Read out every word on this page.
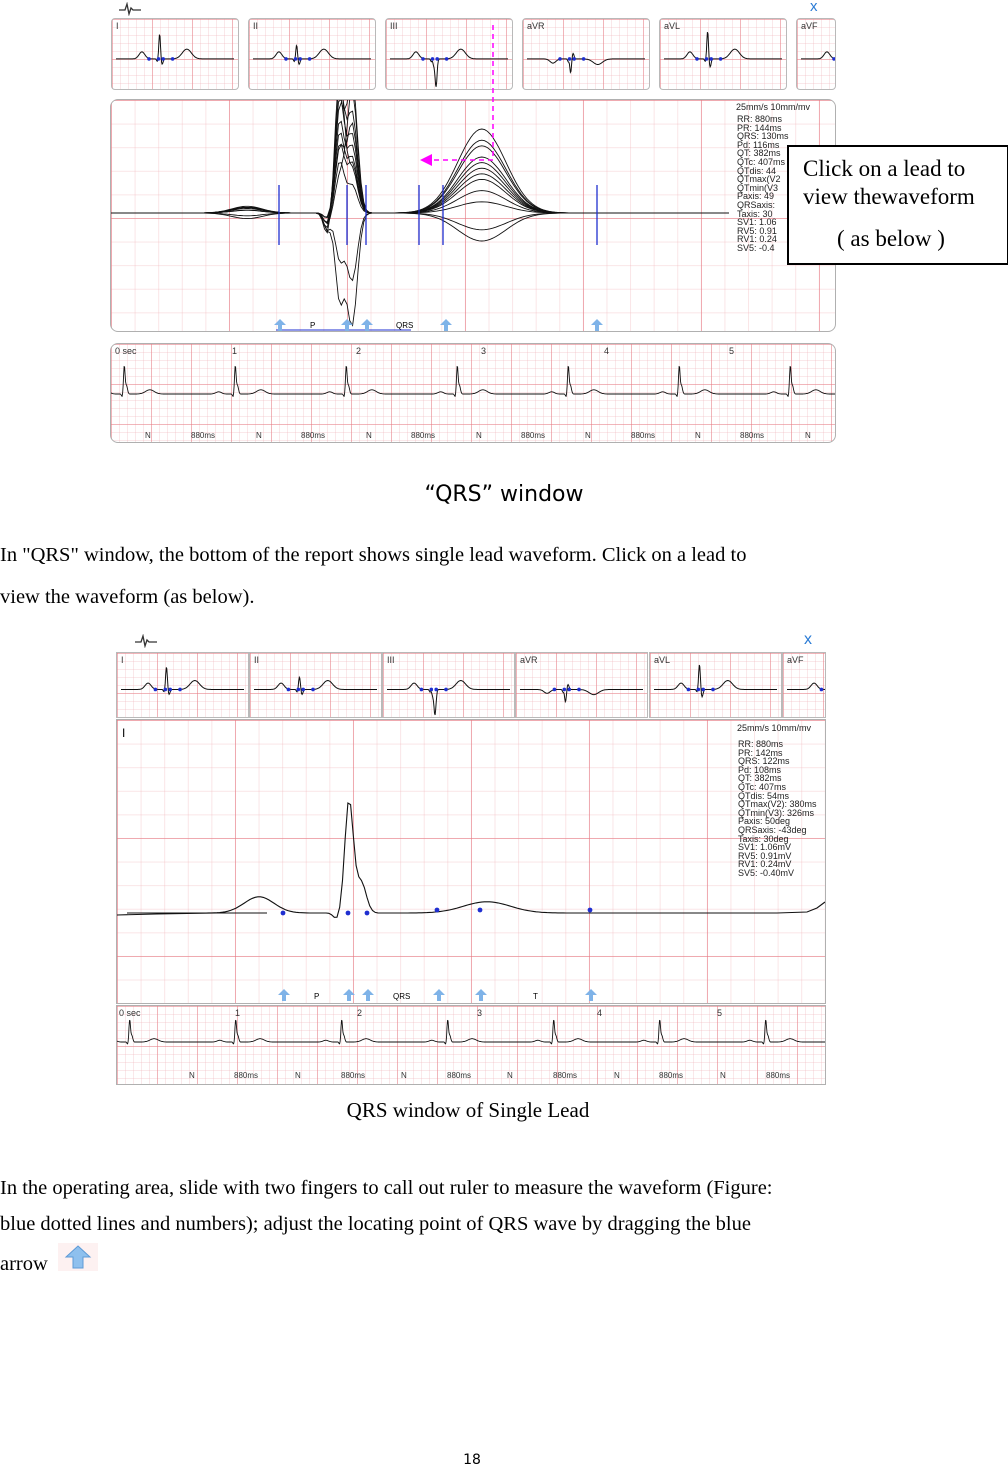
x
I	II	III	aVR	aVL	aVF
25mm/s 10mm/mv
RR: 880ms
PR: 144ms
QRS: 130ms
Pd: 116ms
QT: 382ms
QTc: 407ms
QTdis: 44
QTmax(V2
QTmin(V3
Paxis: 49
QRSaxis:
Taxis: 30
SV1: 1.06
RV5: 0.91
RV1: 0.24
SV5: -0.4
P	QRS
0 sec	1	2	3	4	5
N	880ms	N	880ms	N	880ms	N	880ms	N	880ms	N	880ms	N
Click on a lead to
view thewaveform
( as below )
“QRS” window
In "QRS" window, the bottom of the report shows single lead waveform. Click on a lead to
view the waveform (as below).
x
I	II	III	aVR	aVL	aVF
I	25mm/s 10mm/mv
RR: 880ms
PR: 142ms
QRS: 122ms
Pd: 108ms
QT: 382ms
QTc: 407ms
QTdis: 54ms
QTmax(V2): 380ms
QTmin(V3): 326ms
Paxis: 50deg
QRSaxis: -43deg
Taxis: 30deg
SV1: 1.06mV
RV5: 0.91mV
RV1: 0.24mV
SV5: -0.40mV
P	QRS	T
0 sec	1	2	3	4	5
N	880ms	N	880ms	N	880ms	N	880ms	N	880ms	N	880ms
QRS window of Single Lead
In the operating area, slide with two fingers to call out ruler to measure the waveform (Figure:
blue dotted lines and numbers); adjust the locating point of QRS wave by dragging the blue
arrow
18
